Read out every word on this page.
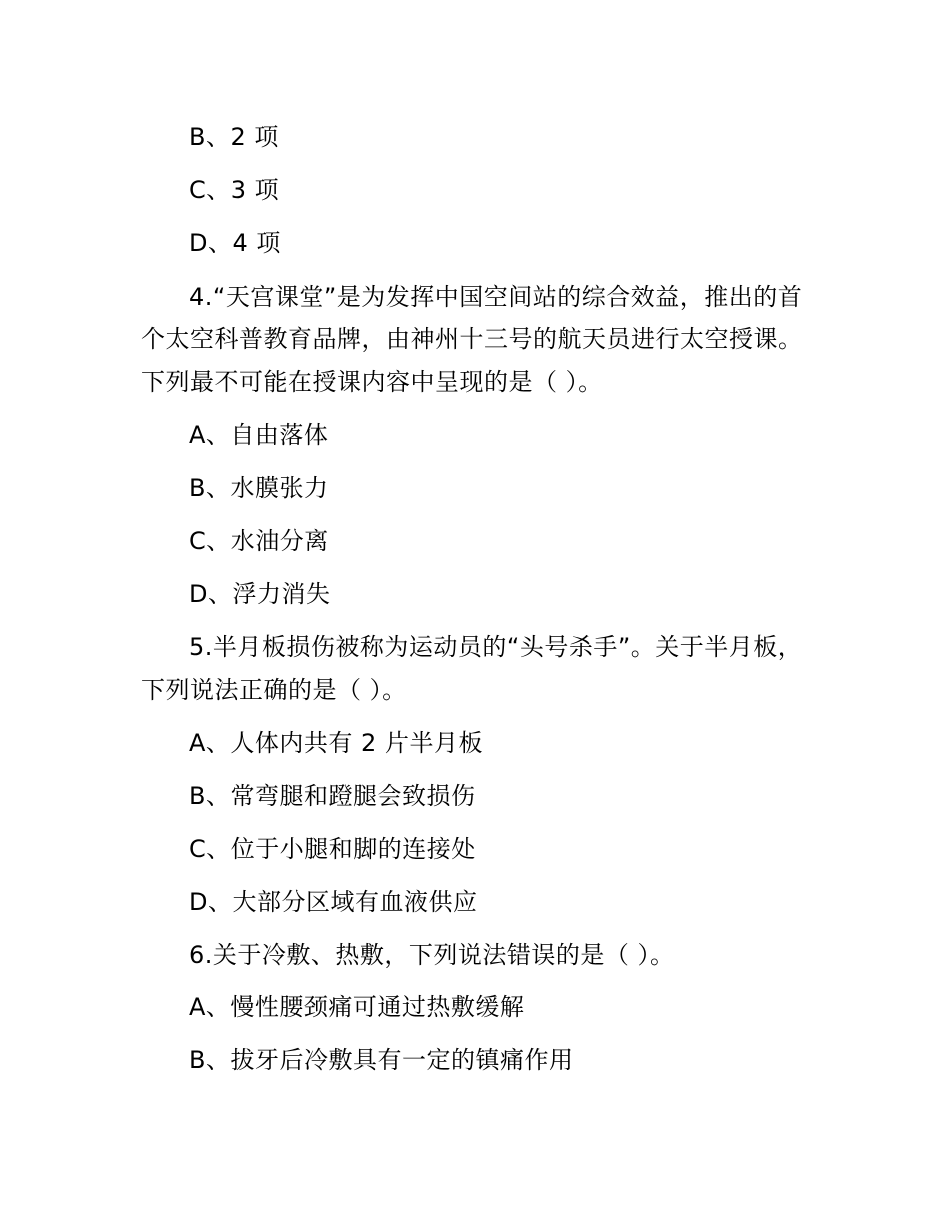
B、2 项
C、3 项
D、4 项
4.“天宫课堂”是为发挥中国空间站的综合效益，推出的首
个太空科普教育品牌，由神州十三号的航天员进行太空授课。
下列最不可能在授课内容中呈现的是（ ）。
A、自由落体
B、水膜张力
C、水油分离
D、浮力消失
5.半月板损伤被称为运动员的“头号杀手”。关于半月板，
下列说法正确的是（ ）。
A、人体内共有 2 片半月板
B、常弯腿和蹬腿会致损伤
C、位于小腿和脚的连接处
D、大部分区域有血液供应
6.关于冷敷、热敷，下列说法错误的是（ ）。
A、慢性腰颈痛可通过热敷缓解
B、拔牙后冷敷具有一定的镇痛作用
